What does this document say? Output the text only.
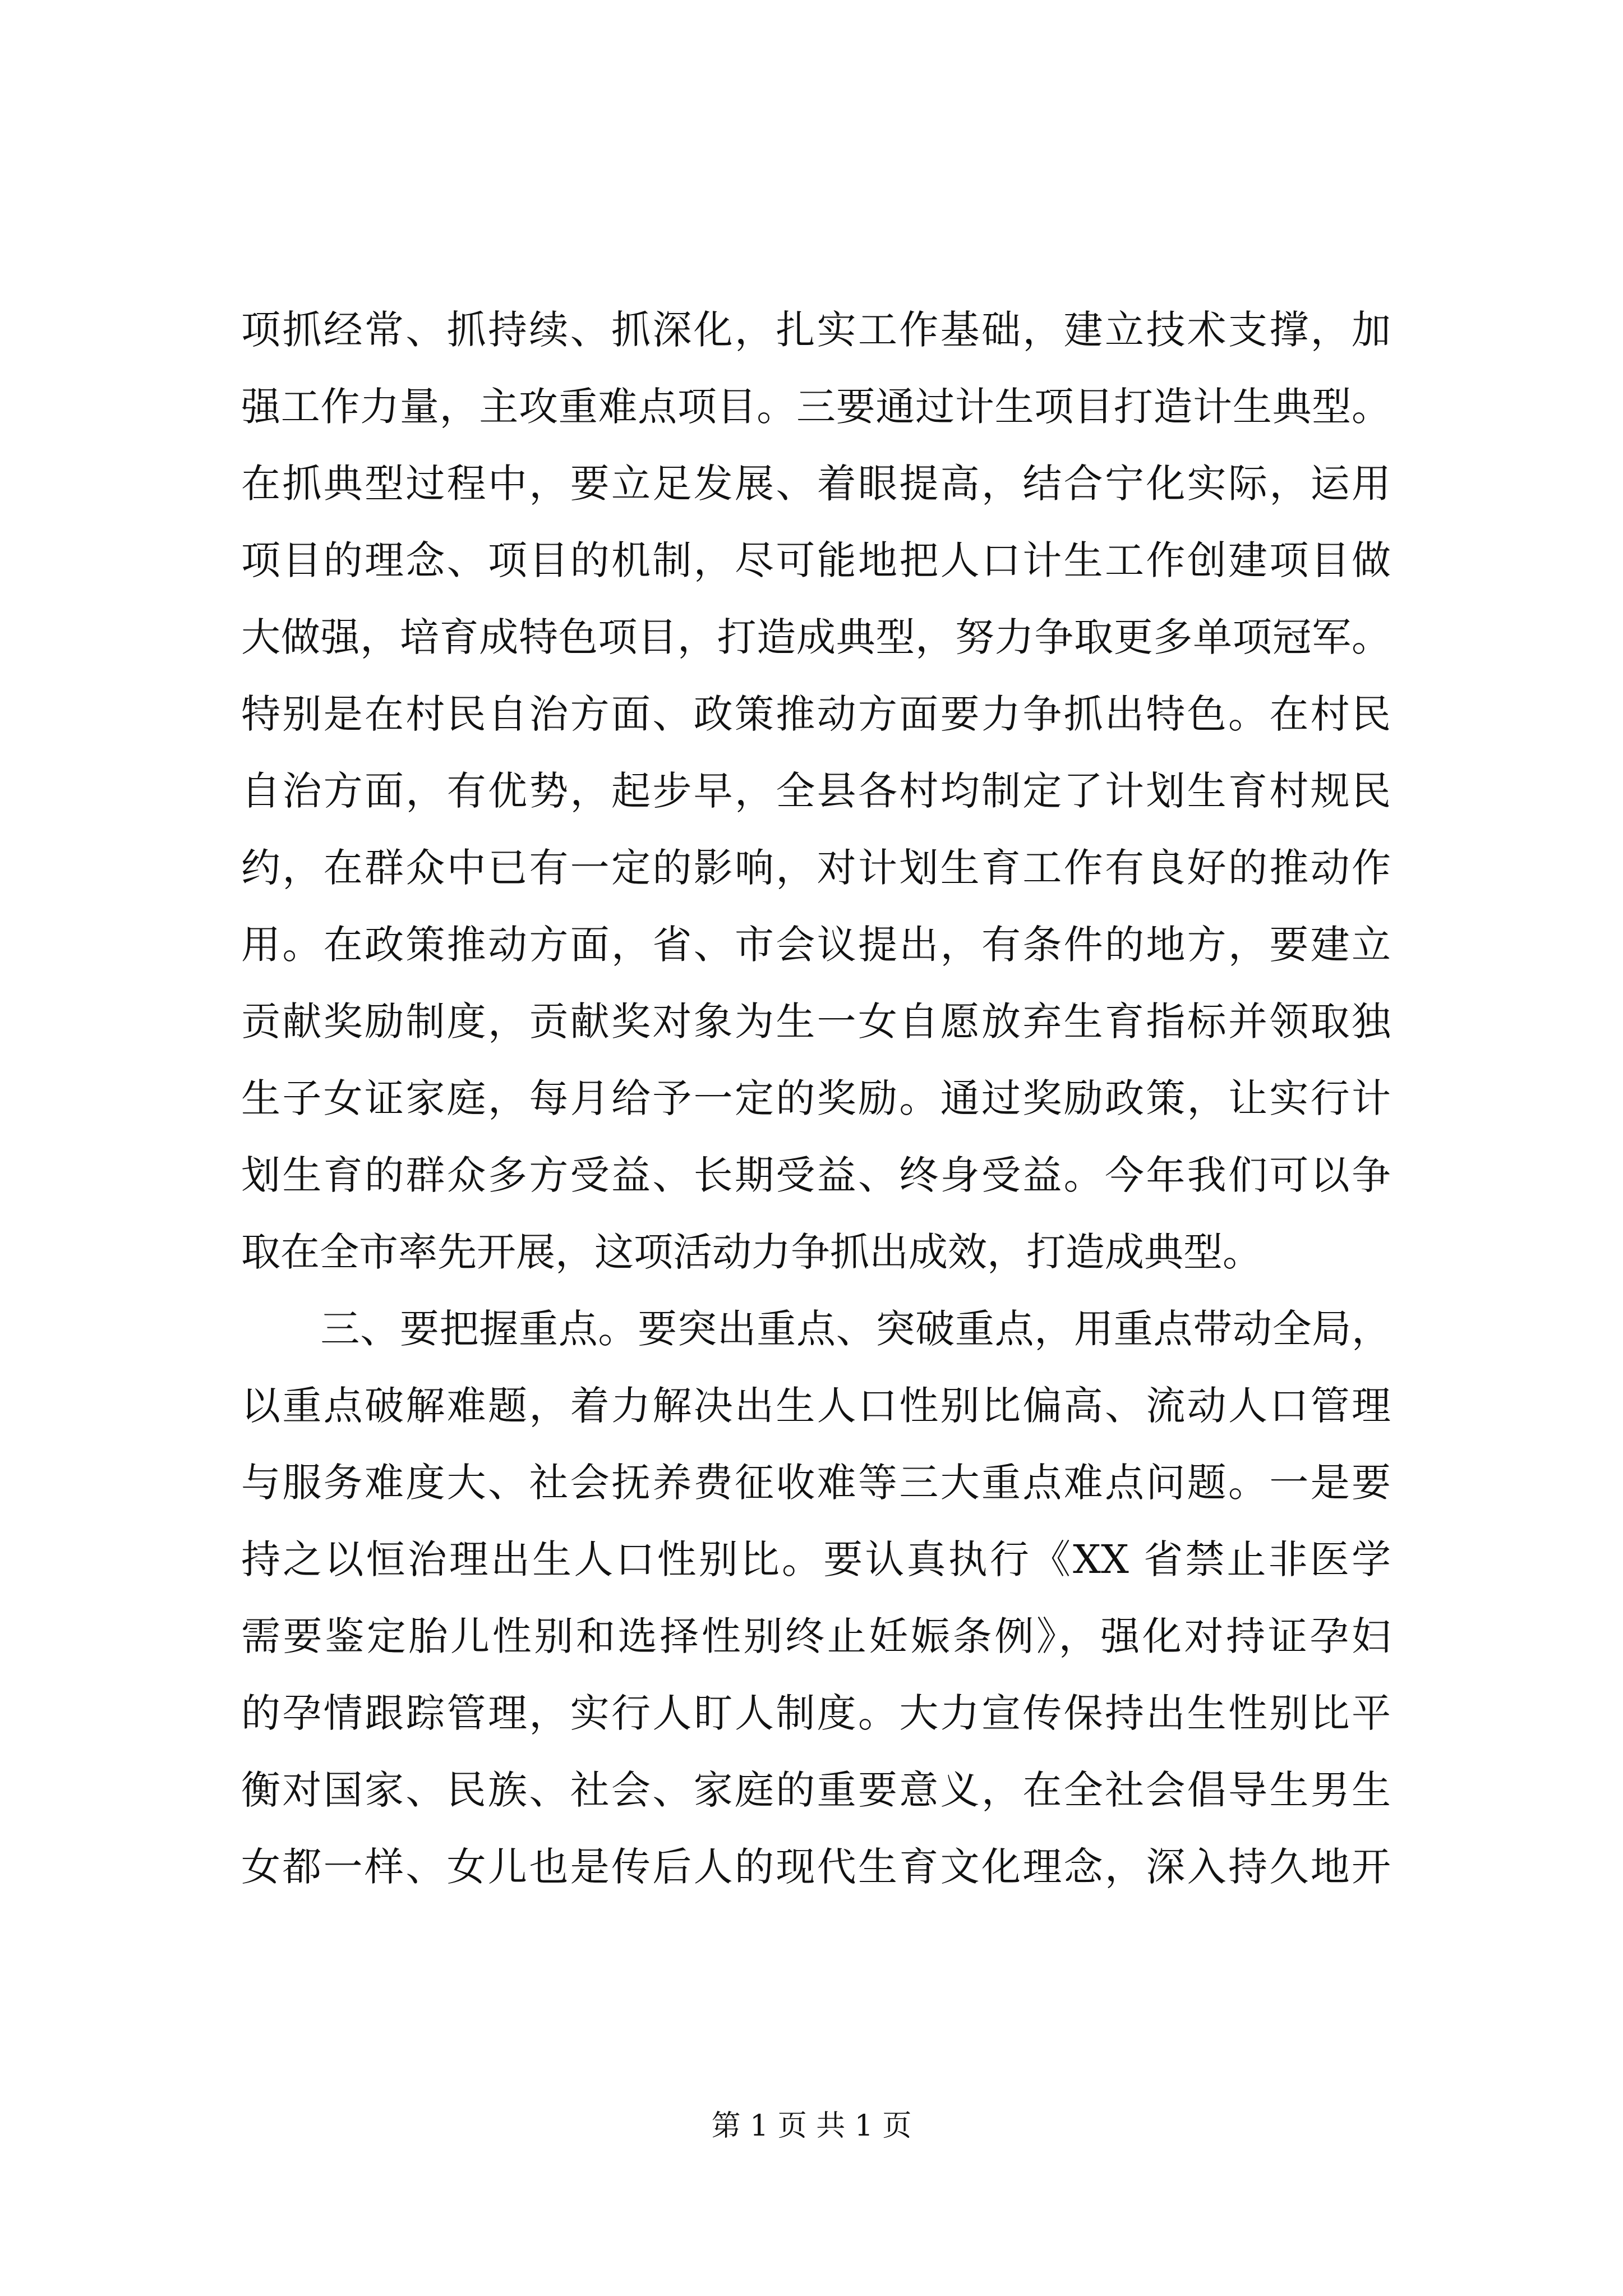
项抓经常、抓持续、抓深化，扎实工作基础，建立技术支撑，加
强工作力量，主攻重难点项目。三要通过计生项目打造计生典型。
在抓典型过程中，要立足发展、着眼提高，结合宁化实际，运用
项目的理念、项目的机制，尽可能地把人口计生工作创建项目做
大做强，培育成特色项目，打造成典型，努力争取更多单项冠军。
特别是在村民自治方面、政策推动方面要力争抓出特色。在村民
自治方面，有优势，起步早，全县各村均制定了计划生育村规民
约，在群众中已有一定的影响，对计划生育工作有良好的推动作
用。在政策推动方面，省、市会议提出，有条件的地方，要建立
贡献奖励制度，贡献奖对象为生一女自愿放弃生育指标并领取独
生子女证家庭，每月给予一定的奖励。通过奖励政策，让实行计
划生育的群众多方受益、长期受益、终身受益。今年我们可以争
取在全市率先开展，这项活动力争抓出成效，打造成典型。
　　三、要把握重点。要突出重点、突破重点，用重点带动全局，
以重点破解难题，着力解决出生人口性别比偏高、流动人口管理
与服务难度大、社会抚养费征收难等三大重点难点问题。一是要
持之以恒治理出生人口性别比。要认真执行《XX 省禁止非医学
需要鉴定胎儿性别和选择性别终止妊娠条例》，强化对持证孕妇
的孕情跟踪管理，实行人盯人制度。大力宣传保持出生性别比平
衡对国家、民族、社会、家庭的重要意义，在全社会倡导生男生
女都一样、女儿也是传后人的现代生育文化理念，深入持久地开
第 1 页 共 1 页
